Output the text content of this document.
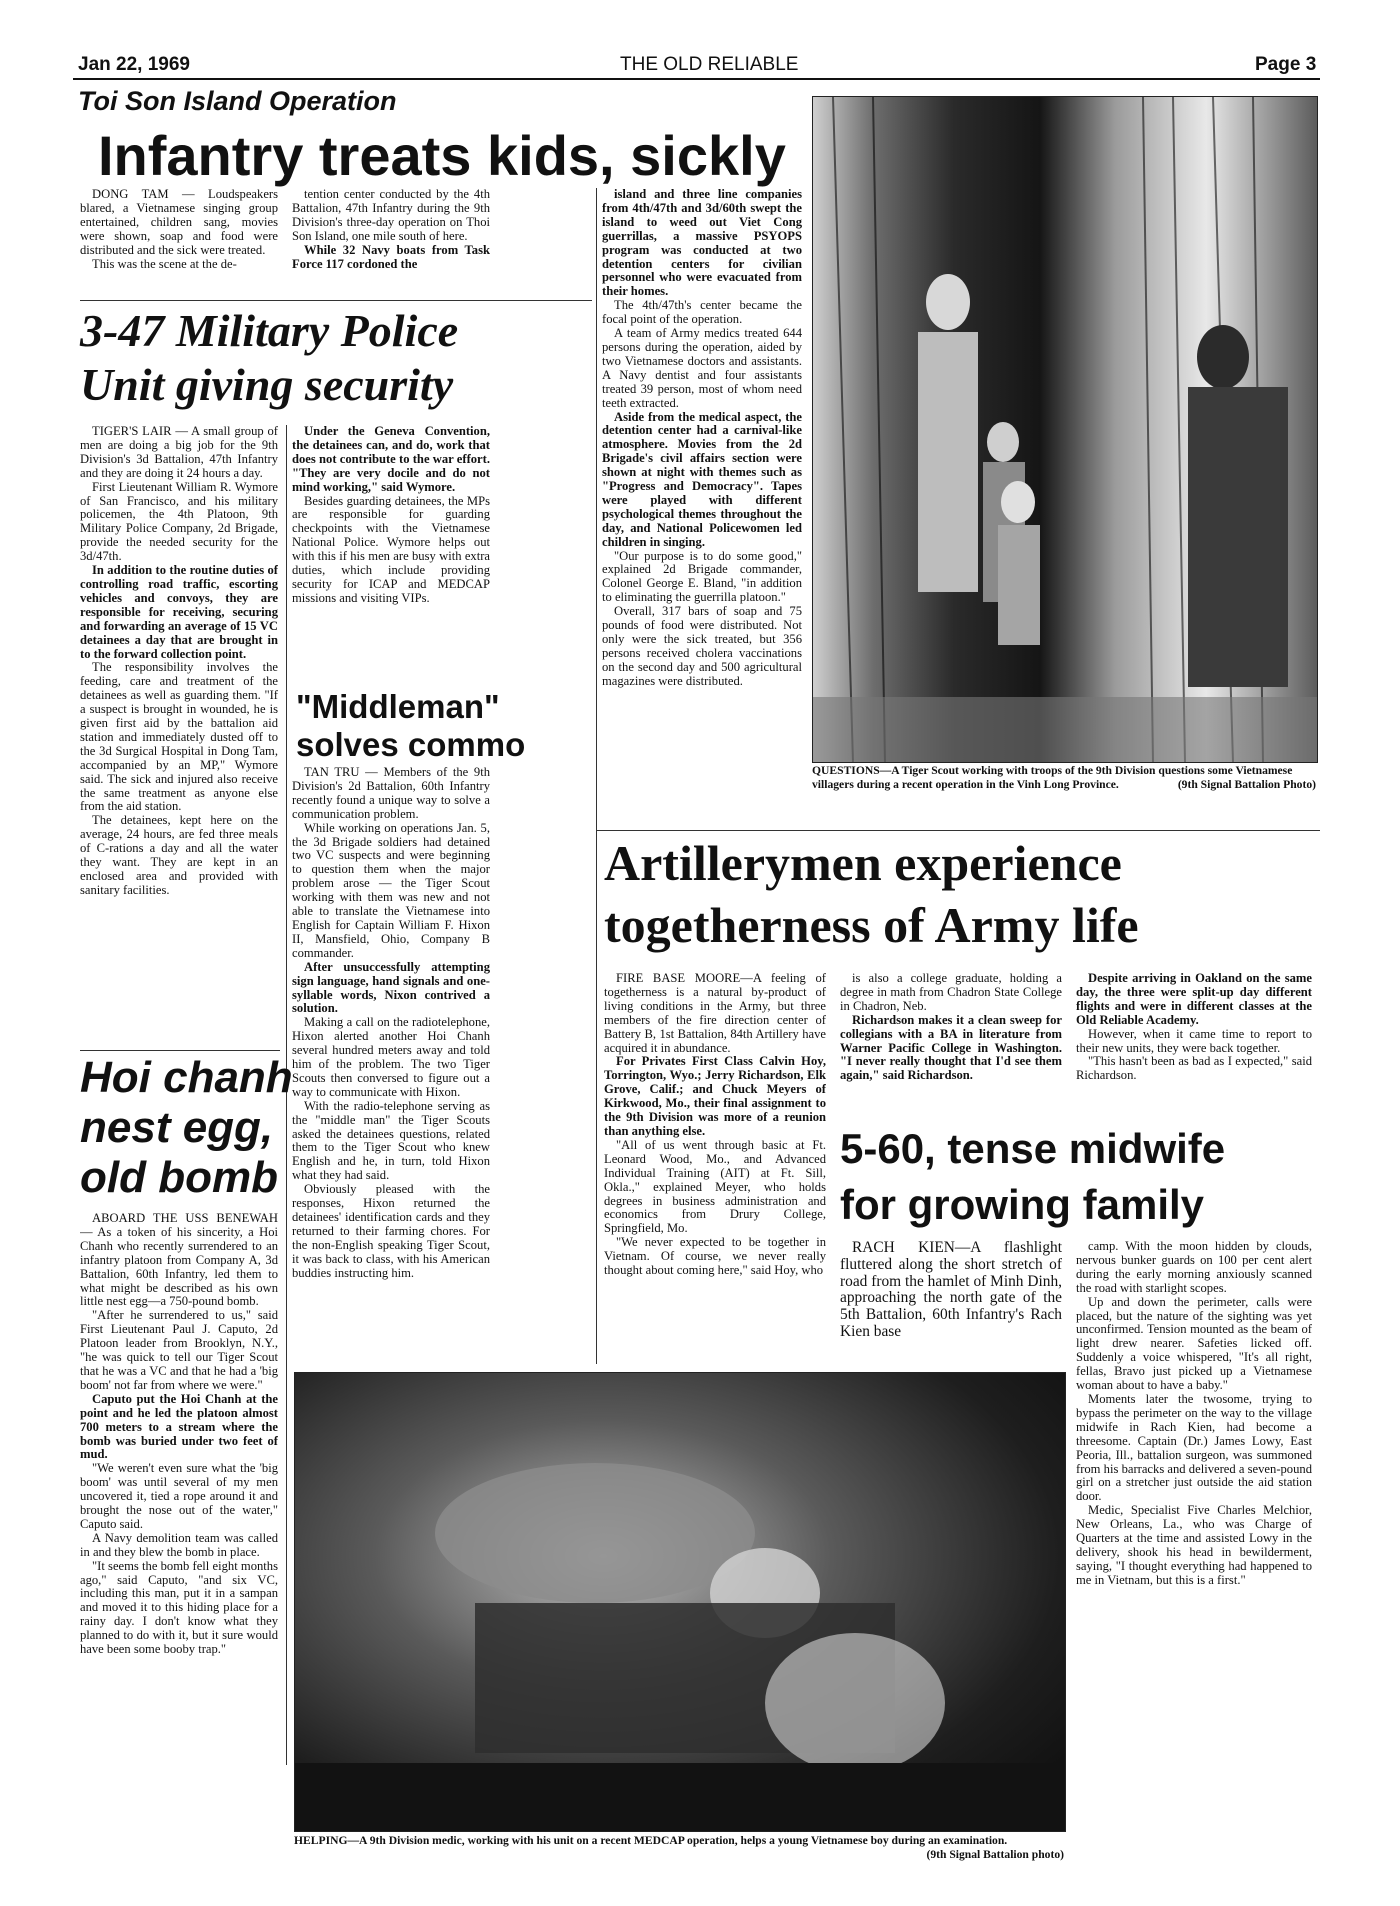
Jan 22, 1969	THE OLD RELIABLE	Page 3
Toi Son Island Operation
Infantry treats kids, sickly

DONG TAM — Loudspeakers blared, a Vietnamese singing group entertained, children sang, movies were shown, soap and food were distributed and the sick were treated.

This was the scene at the de-

tention center conducted by the 4th Battalion, 47th Infantry during the 9th Division's three-day operation on Thoi Son Island, one mile south of here.

While 32 Navy boats from Task Force 117 cordoned the

island and three line companies from 4th/47th and 3d/60th swept the island to weed out Viet Cong guerrillas, a massive PSYOPS program was conducted at two detention centers for civilian personnel who were evacuated from their homes.

The 4th/47th's center became the focal point of the operation.

A team of Army medics treated 644 persons during the operation, aided by two Vietnamese doctors and assistants. A Navy dentist and four assistants treated 39 person, most of whom need teeth extracted.

Aside from the medical aspect, the detention center had a carnival-like atmosphere. Movies from the 2d Brigade's civil affairs section were shown at night with themes such as "Progress and Democracy". Tapes were played with different psychological themes throughout the day, and National Policewomen led children in singing.

"Our purpose is to do some good," explained 2d Brigade commander, Colonel George E. Bland, "in addition to eliminating the guerrilla platoon."

Overall, 317 bars of soap and 75 pounds of food were distributed. Not only were the sick treated, but 356 persons received cholera vaccinations on the second day and 500 agricultural magazines were distributed.

3-47 Military Police
Unit giving security

TIGER'S LAIR — A small group of men are doing a big job for the 9th Division's 3d Battalion, 47th Infantry and they are doing it 24 hours a day.

First Lieutenant William R. Wymore of San Francisco, and his military policemen, the 4th Platoon, 9th Military Police Company, 2d Brigade, provide the needed security for the 3d/47th.

In addition to the routine duties of controlling road traffic, escorting vehicles and convoys, they are responsible for receiving, securing and forwarding an average of 15 VC detainees a day that are brought in to the forward collection point.

The responsibility involves the feeding, care and treatment of the detainees as well as guarding them. "If a suspect is brought in wounded, he is given first aid by the battalion aid station and immediately dusted off to the 3d Surgical Hospital in Dong Tam, accompanied by an MP," Wymore said. The sick and injured also receive the same treatment as anyone else from the aid station.

The detainees, kept here on the average, 24 hours, are fed three meals of C-rations a day and all the water they want. They are kept in an enclosed area and provided with sanitary facilities.

Under the Geneva Convention, the detainees can, and do, work that does not contribute to the war effort. "They are very docile and do not mind working," said Wymore.

Besides guarding detainees, the MPs are responsible for guarding checkpoints with the Vietnamese National Police. Wymore helps out with this if his men are busy with extra duties, which include providing security for ICAP and MEDCAP missions and visiting VIPs.

QUESTIONS—A Tiger Scout working with troops of the 9th Division questions some Vietnamese villagers during a recent operation in the Vinh Long Province.	(9th Signal Battalion Photo)
"Middleman"
solves commo

TAN TRU — Members of the 9th Division's 2d Battalion, 60th Infantry recently found a unique way to solve a communication problem.

While working on operations Jan. 5, the 3d Brigade soldiers had detained two VC suspects and were beginning to question them when the major problem arose — the Tiger Scout working with them was new and not able to translate the Vietnamese into English for Captain William F. Hixon II, Mansfield, Ohio, Company B commander.

After unsuccessfully attempting sign language, hand signals and one-syllable words, Nixon contrived a solution.

Making a call on the radiotelephone, Hixon alerted another Hoi Chanh several hundred meters away and told him of the problem. The two Tiger Scouts then conversed to figure out a way to communicate with Hixon.

With the radio-telephone serving as the "middle man" the Tiger Scouts asked the detainees questions, related them to the Tiger Scout who knew English and he, in turn, told Hixon what they had said.

Obviously pleased with the responses, Hixon returned the detainees' identification cards and they returned to their farming chores. For the non-English speaking Tiger Scout, it was back to class, with his American buddies instructing him.

Hoi chanh
nest egg,
old bomb

ABOARD THE USS BENEWAH — As a token of his sincerity, a Hoi Chanh who recently surrendered to an infantry platoon from Company A, 3d Battalion, 60th Infantry, led them to what might be described as his own little nest egg—a 750-pound bomb.

"After he surrendered to us," said First Lieutenant Paul J. Caputo, 2d Platoon leader from Brooklyn, N.Y., "he was quick to tell our Tiger Scout that he was a VC and that he had a 'big boom' not far from where we were."

Caputo put the Hoi Chanh at the point and he led the platoon almost 700 meters to a stream where the bomb was buried under two feet of mud.

"We weren't even sure what the 'big boom' was until several of my men uncovered it, tied a rope around it and brought the nose out of the water," Caputo said.

A Navy demolition team was called in and they blew the bomb in place.

"It seems the bomb fell eight months ago," said Caputo, "and six VC, including this man, put it in a sampan and moved it to this hiding place for a rainy day. I don't know what they planned to do with it, but it sure would have been some booby trap."

Artillerymen experience
togetherness of Army life

FIRE BASE MOORE—A feeling of togetherness is a natural by-product of living conditions in the Army, but three members of the fire direction center of Battery B, 1st Battalion, 84th Artillery have acquired it in abundance.

For Privates First Class Calvin Hoy, Torrington, Wyo.; Jerry Richardson, Elk Grove, Calif.; and Chuck Meyers of Kirkwood, Mo., their final assignment to the 9th Division was more of a reunion than anything else.

"All of us went through basic at Ft. Leonard Wood, Mo., and Advanced Individual Training (AIT) at Ft. Sill, Okla.," explained Meyer, who holds degrees in business administration and economics from Drury College, Springfield, Mo.

"We never expected to be together in Vietnam. Of course, we never really thought about coming here," said Hoy, who

is also a college graduate, holding a degree in math from Chadron State College in Chadron, Neb.

Richardson makes it a clean sweep for collegians with a BA in literature from Warner Pacific College in Washington. "I never really thought that I'd see them again," said Richardson.

Despite arriving in Oakland on the same day, the three were split-up day different flights and were in different classes at the Old Reliable Academy.

However, when it came time to report to their new units, they were back together.

"This hasn't been as bad as I expected," said Richardson.

5-60, tense midwife
for growing family

RACH KIEN—A flashlight fluttered along the short stretch of road from the hamlet of Minh Dinh, approaching the north gate of the 5th Battalion, 60th Infantry's Rach Kien base

camp. With the moon hidden by clouds, nervous bunker guards on 100 per cent alert during the early morning anxiously scanned the road with starlight scopes.

Up and down the perimeter, calls were placed, but the nature of the sighting was yet unconfirmed. Tension mounted as the beam of light drew nearer. Safeties licked off. Suddenly a voice whispered, "It's all right, fellas, Bravo just picked up a Vietnamese woman about to have a baby."

Moments later the twosome, trying to bypass the perimeter on the way to the village midwife in Rach Kien, had become a threesome. Captain (Dr.) James Lowy, East Peoria, Ill., battalion surgeon, was summoned from his barracks and delivered a seven-pound girl on a stretcher just outside the aid station door.

Medic, Specialist Five Charles Melchior, New Orleans, La., who was Charge of Quarters at the time and assisted Lowy in the delivery, shook his head in bewilderment, saying, "I thought everything had happened to me in Vietnam, but this is a first."

HELPING—A 9th Division medic, working with his unit on a recent MEDCAP operation, helps a young Vietnamese boy during an examination.
(9th Signal Battalion photo)
